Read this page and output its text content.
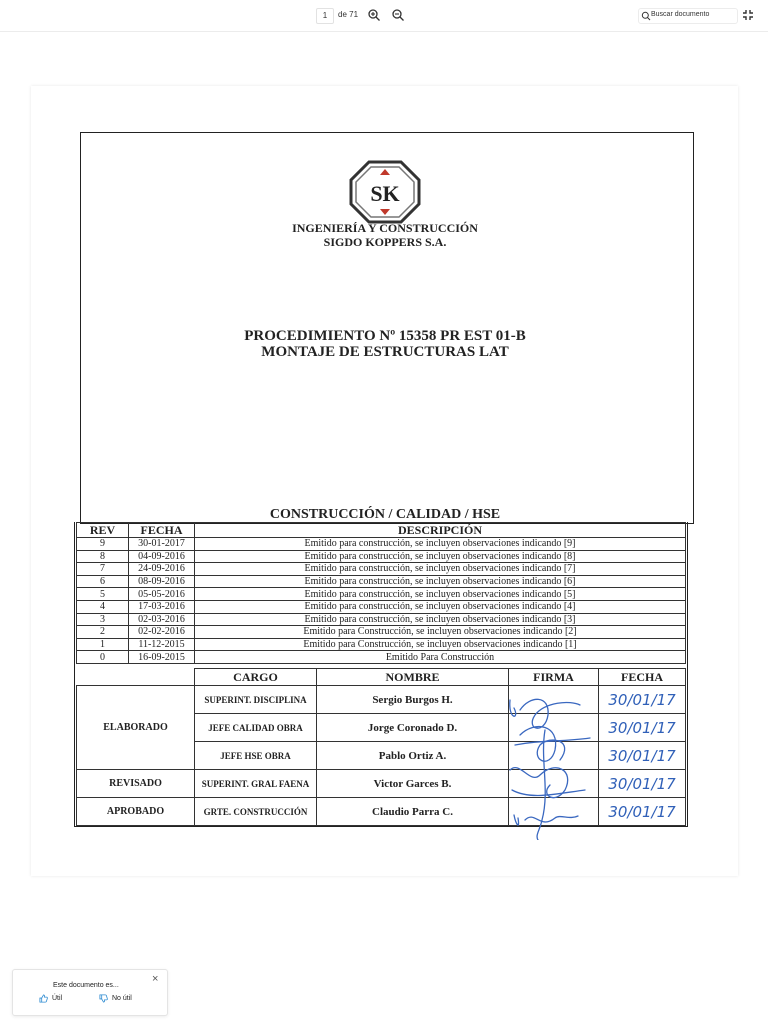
1	de 71	Buscar documento
SK
INGENIERÍA Y CONSTRUCCIÓN
SIGDO KOPPERS S.A.
PROCEDIMIENTO Nº 15358 PR EST 01-B
MONTAJE DE ESTRUCTURAS LAT
CONSTRUCCIÓN / CALIDAD / HSE
REV	FECHA	DESCRIPCIÓN
9	30-01-2017	Emitido para construcción, se incluyen observaciones indicando [9]
8	04-09-2016	Emitido para construcción, se incluyen observaciones indicando [8]
7	24-09-2016	Emitido para construcción, se incluyen observaciones indicando [7]
6	08-09-2016	Emitido para construcción, se incluyen observaciones indicando [6]
5	05-05-2016	Emitido para construcción, se incluyen observaciones indicando [5]
4	17-03-2016	Emitido para construcción, se incluyen observaciones indicando [4]
3	02-03-2016	Emitido para construcción, se incluyen observaciones indicando [3]
2	02-02-2016	Emitido para Construcción, se incluyen observaciones indicando [2]
1	11-12-2015	Emitido para Construcción, se incluyen observaciones indicando [1]
0	16-09-2015	Emitido Para Construcción
	CARGO	NOMBRE	FIRMA	FECHA
ELABORADO	SUPERINT. DISCIPLINA	Sergio Burgos H.		30/01/17
	JEFE CALIDAD OBRA	Jorge Coronado D.		30/01/17
	JEFE HSE OBRA	Pablo Ortiz A.		30/01/17
REVISADO	SUPERINT. GRAL FAENA	Victor Garces B.		30/01/17
APROBADO	GRTE. CONSTRUCCIÓN	Claudio Parra C.		30/01/17
Este documento es...
×
Útil	No útil
